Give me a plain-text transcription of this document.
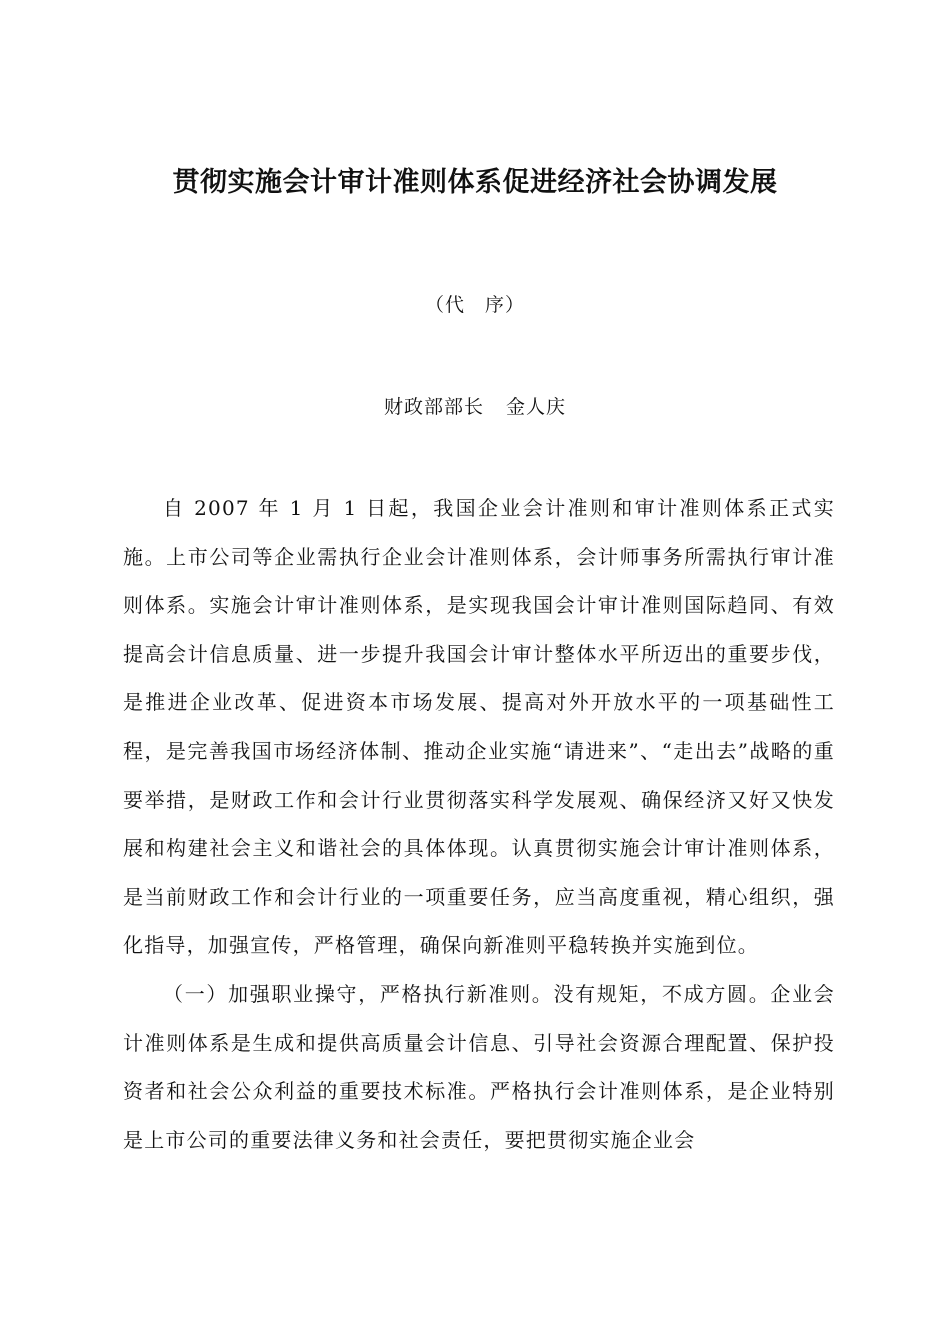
贯彻实施会计审计准则体系促进经济社会协调发展
（代　序）
财政部部长 金人庆

自 2007 年 1 月 1 日起，我国企业会计准则和审计准则体系正式实施。上市公司等企业需执行企业会计准则体系，会计师事务所需执行审计准则体系。实施会计审计准则体系，是实现我国会计审计准则国际趋同、有效提高会计信息质量、进一步提升我国会计审计整体水平所迈出的重要步伐，是推进企业改革、促进资本市场发展、提高对外开放水平的一项基础性工程，是完善我国市场经济体制、推动企业实施“请进来”、“走出去”战略的重要举措，是财政工作和会计行业贯彻落实科学发展观、确保经济又好又快发展和构建社会主义和谐社会的具体体现。认真贯彻实施会计审计准则体系，是当前财政工作和会计行业的一项重要任务，应当高度重视，精心组织，强化指导，加强宣传，严格管理，确保向新准则平稳转换并实施到位。

（一）加强职业操守，严格执行新准则。没有规矩，不成方圆。企业会计准则体系是生成和提供高质量会计信息、引导社会资源合理配置、保护投资者和社会公众利益的重要技术标准。严格执行会计准则体系，是企业特别是上市公司的重要法律义务和社会责任，要把贯彻实施企业会
